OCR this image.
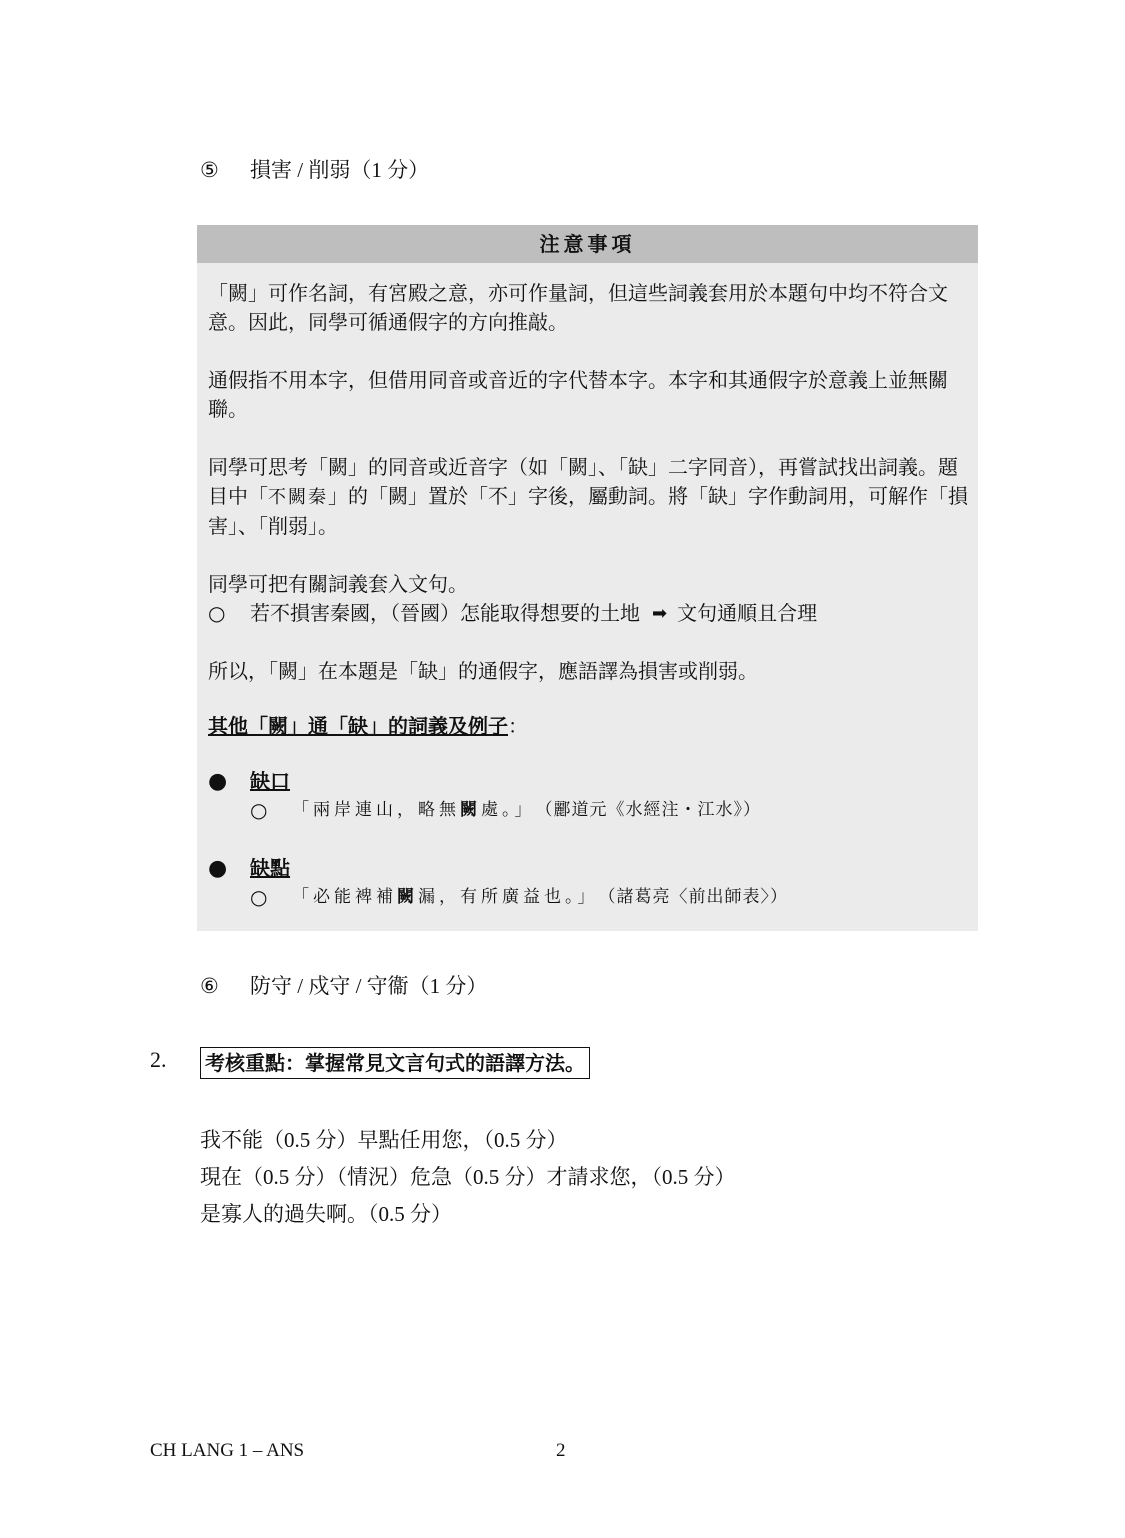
⑤ 損害 / 削弱（1 分）
注意事項

「闕」可作名詞，有宮殿之意，亦可作量詞，但這些詞義套用於本題句中均不符合文意。因此，同學可循通假字的方向推敲。

通假指不用本字，但借用同音或音近的字代替本字。本字和其通假字於意義上並無關聯。

同學可思考「闕」的同音或近音字（如「闕」、「缺」二字同音），再嘗試找出詞義。題目中「不闕秦」的「闕」置於「不」字後，屬動詞。將「缺」字作動詞用，可解作「損害」、「削弱」。

同學可把有關詞義套入文句。

○	若不損害秦國，（晉國）怎能取得想要的土地 ➡ 文句通順且合理

所以，「闕」在本題是「缺」的通假字，應語譯為損害或削弱。

其他「闕」通「缺」的詞義及例子：
●	缺口
○	「兩岸連山，略無闕處。」 （酈道元《水經注・江水》）
●	缺點
○	「必能裨補闕漏，有所廣益也。」 （諸葛亮〈前出師表〉）
⑥ 防守 / 戍守 / 守衞（1 分）
2. 考核重點：掌握常見文言句式的語譯方法。
我不能（0.5 分）早點任用您，（0.5 分）
現在（0.5 分）（情況）危急（0.5 分）才請求您，（0.5 分）
是寡人的過失啊。（0.5 分）
CH LANG 1 – ANS	2
